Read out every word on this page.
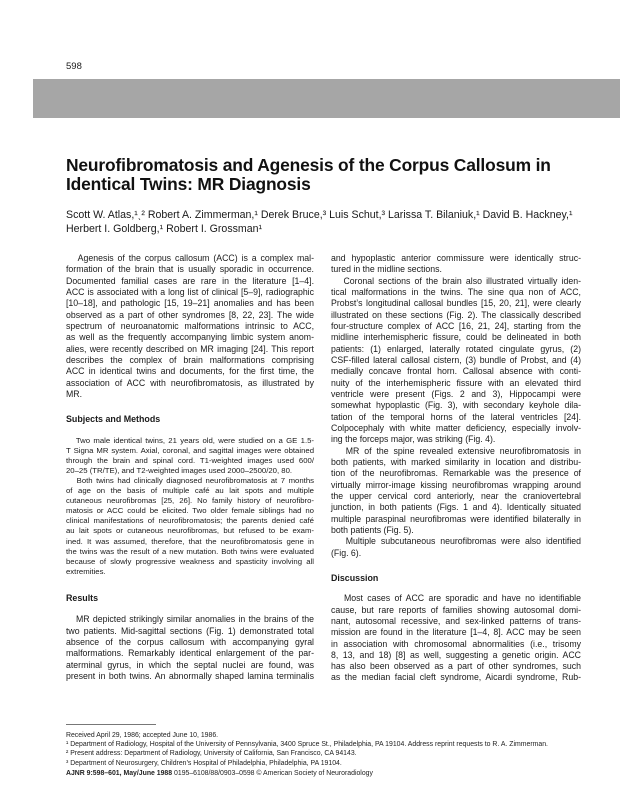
598
Neurofibromatosis and Agenesis of the Corpus Callosum in
Identical Twins: MR Diagnosis
Scott W. Atlas,¹ˎ² Robert A. Zimmerman,¹ Derek Bruce,³ Luis Schut,³ Larissa T. Bilaniuk,¹ David B. Hackney,¹
Herbert I. Goldberg,¹ Robert I. Grossman¹
Agenesis of the corpus callosum (ACC) is a complex mal-
formation of the brain that is usually sporadic in occurrence.
Documented familial cases are rare in the literature [1–4].
ACC is associated with a long list of clinical [5–9], radiographic
[10–18], and pathologic [15, 19–21] anomalies and has been
observed as a part of other syndromes [8, 22, 23]. The wide
spectrum of neuroanatomic malformations intrinsic to ACC,
as well as the frequently accompanying limbic system anom-
alies, were recently described on MR imaging [24]. This report
describes the complex of brain malformations comprising
ACC in identical twins and documents, for the first time, the
association of ACC with neurofibromatosis, as illustrated by
MR.
Subjects and Methods
Two male identical twins, 21 years old, were studied on a GE 1.5-
T Signa MR system. Axial, coronal, and sagittal images were obtained
through the brain and spinal cord. T1-weighted images used 600/
20–25 (TR/TE), and T2-weighted images used 2000–2500/20, 80.
Both twins had clinically diagnosed neurofibromatosis at 7 months
of age on the basis of multiple café au lait spots and multiple
cutaneous neurofibromas [25, 26]. No family history of neurofibro-
matosis or ACC could be elicited. Two older female siblings had no
clinical manifestations of neurofibromatosis; the parents denied café
au lait spots or cutaneous neurofibromas, but refused to be exam-
ined. It was assumed, therefore, that the neurofibromatosis gene in
the twins was the result of a new mutation. Both twins were evaluated
because of slowly progressive weakness and spasticity involving all
extremities.
Results
MR depicted strikingly similar anomalies in the brains of the
two patients. Mid-sagittal sections (Fig. 1) demonstrated total
absence of the corpus callosum with accompanying gyral
malformations. Remarkably identical enlargement of the par-
aterminal gyrus, in which the septal nuclei are found, was
present in both twins. An abnormally shaped lamina terminalis
and hypoplastic anterior commissure were identically struc-
tured in the midline sections.
Coronal sections of the brain also illustrated virtually iden-
tical malformations in the twins. The sine qua non of ACC,
Probst’s longitudinal callosal bundles [15, 20, 21], were clearly
illustrated on these sections (Fig. 2). The classically described
four-structure complex of ACC [16, 21, 24], starting from the
midline interhemispheric fissure, could be delineated in both
patients: (1) enlarged, laterally rotated cingulate gyrus, (2)
CSF-filled lateral callosal cistern, (3) bundle of Probst, and (4)
medially concave frontal horn. Callosal absence with conti-
nuity of the interhemispheric fissure with an elevated third
ventricle were present (Figs. 2 and 3), Hippocampi were
somewhat hypoplastic (Fig. 3), with secondary keyhole dila-
tation of the temporal horns of the lateral ventricles [24].
Colpocephaly with white matter deficiency, especially involv-
ing the forceps major, was striking (Fig. 4).
MR of the spine revealed extensive neurofibromatosis in
both patients, with marked similarity in location and distribu-
tion of the neurofibromas. Remarkable was the presence of
virtually mirror-image kissing neurofibromas wrapping around
the upper cervical cord anteriorly, near the craniovertebral
junction, in both patients (Figs. 1 and 4). Identically situated
multiple paraspinal neurofibromas were identified bilaterally in
both patients (Fig. 5).
Multiple subcutaneous neurofibromas were also identified
(Fig. 6).
Discussion
Most cases of ACC are sporadic and have no identifiable
cause, but rare reports of families showing autosomal domi-
nant, autosomal recessive, and sex-linked patterns of trans-
mission are found in the literature [1–4, 8]. ACC may be seen
in association with chromosomal abnormalities (i.e., trisomy
8, 13, and 18) [8] as well, suggesting a genetic origin. ACC
has also been observed as a part of other syndromes, such
as the median facial cleft syndrome, Aicardi syndrome, Rub-
Received April 29, 1986; accepted June 10, 1986.
¹ Department of Radiology, Hospital of the University of Pennsylvania, 3400 Spruce St., Philadelphia, PA 19104. Address reprint requests to R. A. Zimmerman.
² Present address: Department of Radiology, University of California, San Francisco, CA 94143.
³ Department of Neurosurgery, Children’s Hospital of Philadelphia, Philadelphia, PA 19104.
AJNR 9:598–601, May/June 1988 0195–6108/88/0903–0598 © American Society of Neuroradiology
